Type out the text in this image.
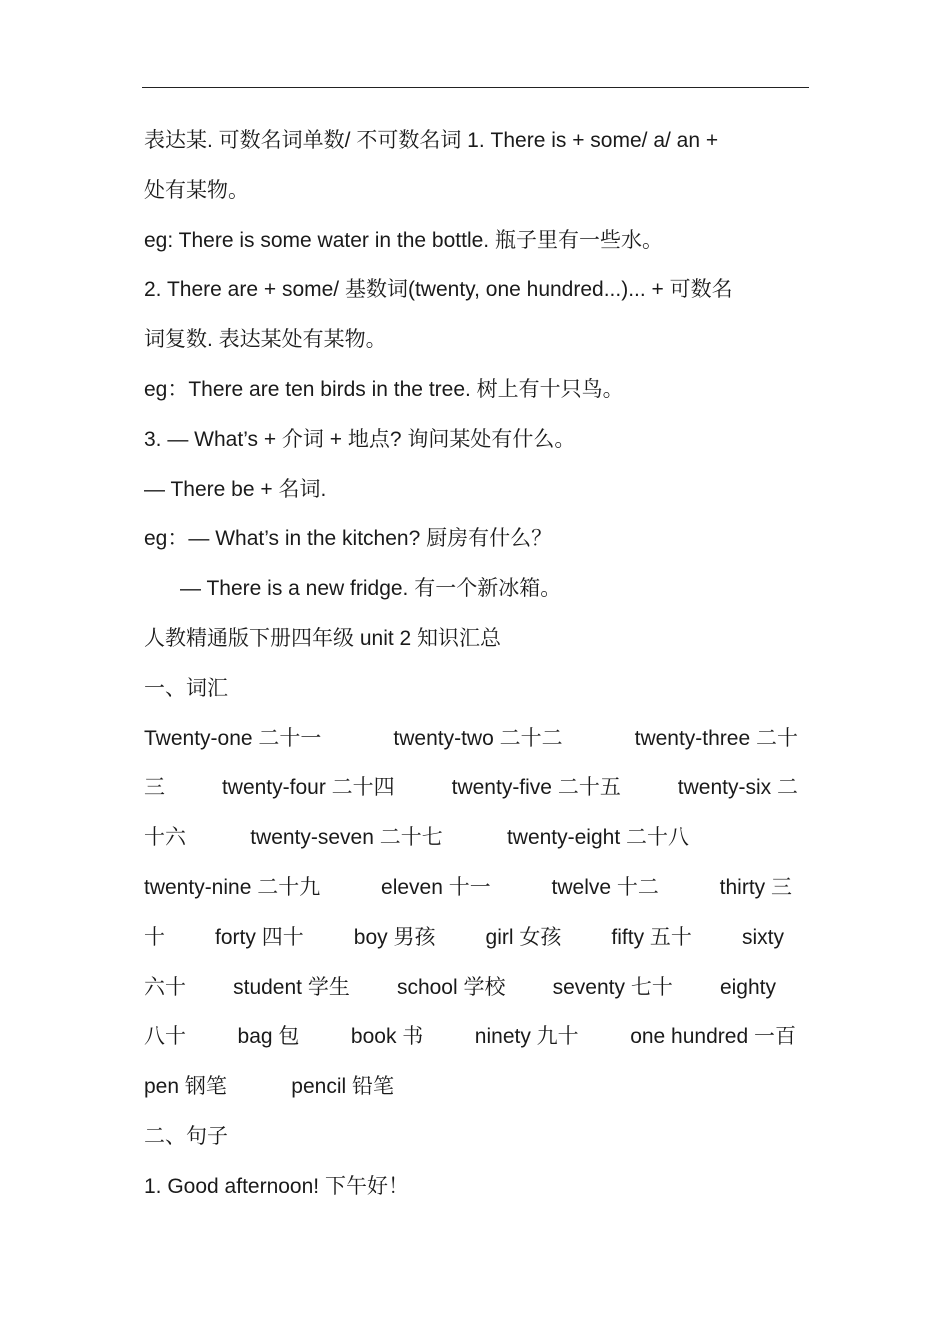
表达某. 可数名词单数/ 不可数名词 1. There is + some/ a/ an +
处有某物。
eg: There is some water in the bottle. 瓶子里有一些水。
2. There are + some/ 基数词(twenty, one hundred...)... + 可数名
词复数. 表达某处有某物。
eg：There are ten birds in the tree. 树上有十只鸟。
3. — What’s + 介词 + 地点? 询问某处有什么。
— There be + 名词.
eg：— What’s in the kitchen? 厨房有什么？
— There is a new fridge. 有一个新冰箱。
人教精通版下册四年级 unit 2 知识汇总
一、词汇
Twenty-one 二十一	twenty-two 二十二	twenty-three 二十
三	twenty-four 二十四	twenty-five 二十五	twenty-six 二
十六	twenty-seven 二十七	twenty-eight 二十八
twenty-nine 二十九	eleven 十一	twelve 十二	thirty 三
十 forty 四十 boy 男孩 girl 女孩 fifty 五十 sixty
六十 student 学生 school 学校 seventy 七十 eighty
八十 bag 包 book 书 ninety 九十 one hundred 一百
pen 钢笔	pencil 铅笔
二、句子
1. Good afternoon! 下午好！
